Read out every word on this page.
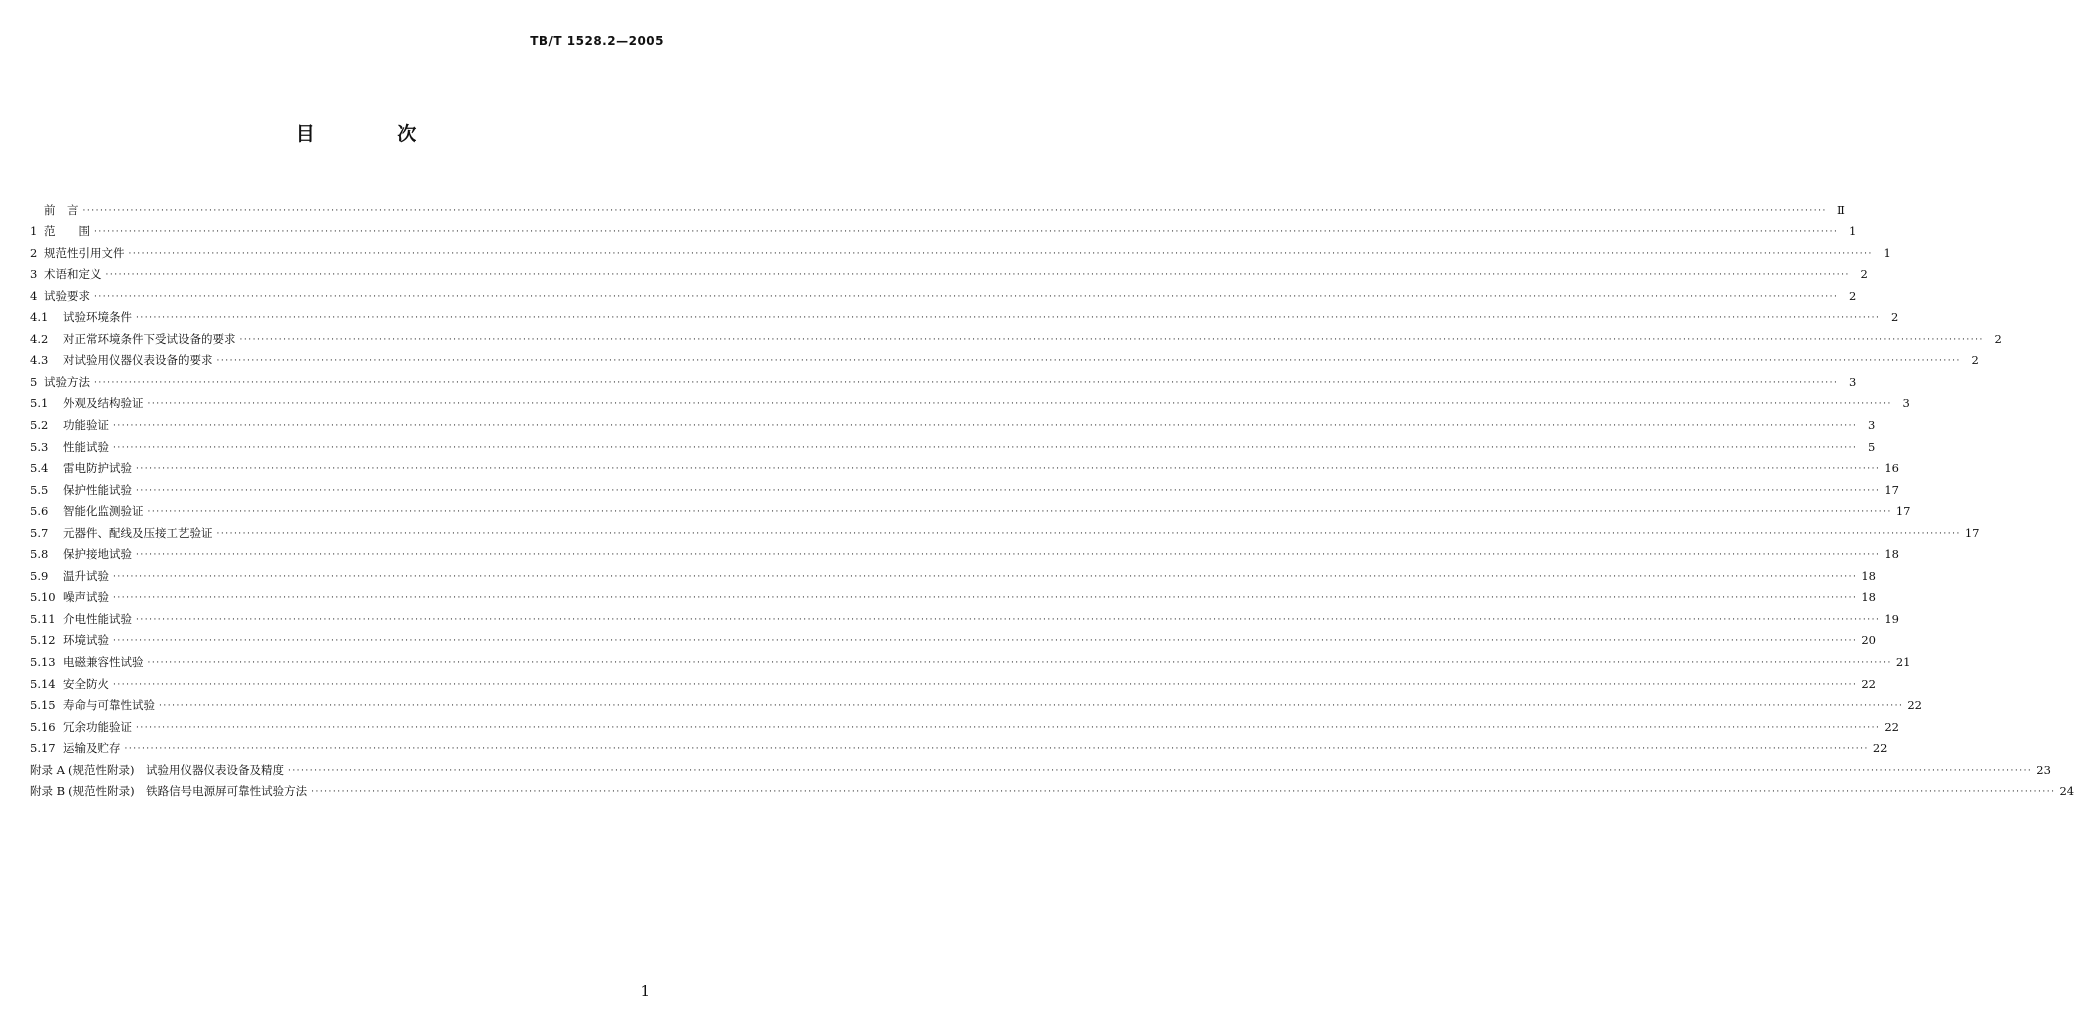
TB/T 1528.2—2005
目 次
前　言 ················································································································································································································································································································································································································ Ⅱ
1 范　　围 ················································································································································································································································································································································································································ 1
2 规范性引用文件 ················································································································································································································································································································································································································ 1
3 术语和定义 ················································································································································································································································································································································································································ 2
4 试验要求 ················································································································································································································································································································································································································ 2
4.1	试验环境条件 ················································································································································································································································································································································································································ 2
4.2	对正常环境条件下受试设备的要求 ················································································································································································································································································································································································································ 2
4.3	对试验用仪器仪表设备的要求 ················································································································································································································································································································································································································ 2
5 试验方法 ················································································································································································································································································································································································································ 3
5.1	外观及结构验证 ················································································································································································································································································································································································································ 3
5.2	功能验证 ················································································································································································································································································································································································································ 3
5.3	性能试验 ················································································································································································································································································································································································································ 5
5.4	雷电防护试验 ················································································································································································································································································································································································································ 16
5.5	保护性能试验 ················································································································································································································································································································································································································ 17
5.6	智能化监测验证 ················································································································································································································································································································································································································ 17
5.7	元器件、配线及压接工艺验证 ················································································································································································································································································································································································································ 17
5.8	保护接地试验 ················································································································································································································································································································································································································ 18
5.9	温升试验 ················································································································································································································································································································································································································ 18
5.10 噪声试验 ················································································································································································································································································································································································································ 18
5.11 介电性能试验 ················································································································································································································································································································································································································ 19
5.12 环境试验 ················································································································································································································································································································································································································ 20
5.13 电磁兼容性试验 ················································································································································································································································································································································································································ 21
5.14 安全防火 ················································································································································································································································································································································································································ 22
5.15 寿命与可靠性试验 ················································································································································································································································································································································································································ 22
5.16 冗余功能验证 ················································································································································································································································································································································································································ 22
5.17 运输及贮存 ················································································································································································································································································································································································································ 22
附录 A (规范性附录)　试验用仪器仪表设备及精度 ················································································································································································································································································································································································································ 23
附录 B (规范性附录)　铁路信号电源屏可靠性试验方法 ················································································································································································································································································································································································································ 24
1
